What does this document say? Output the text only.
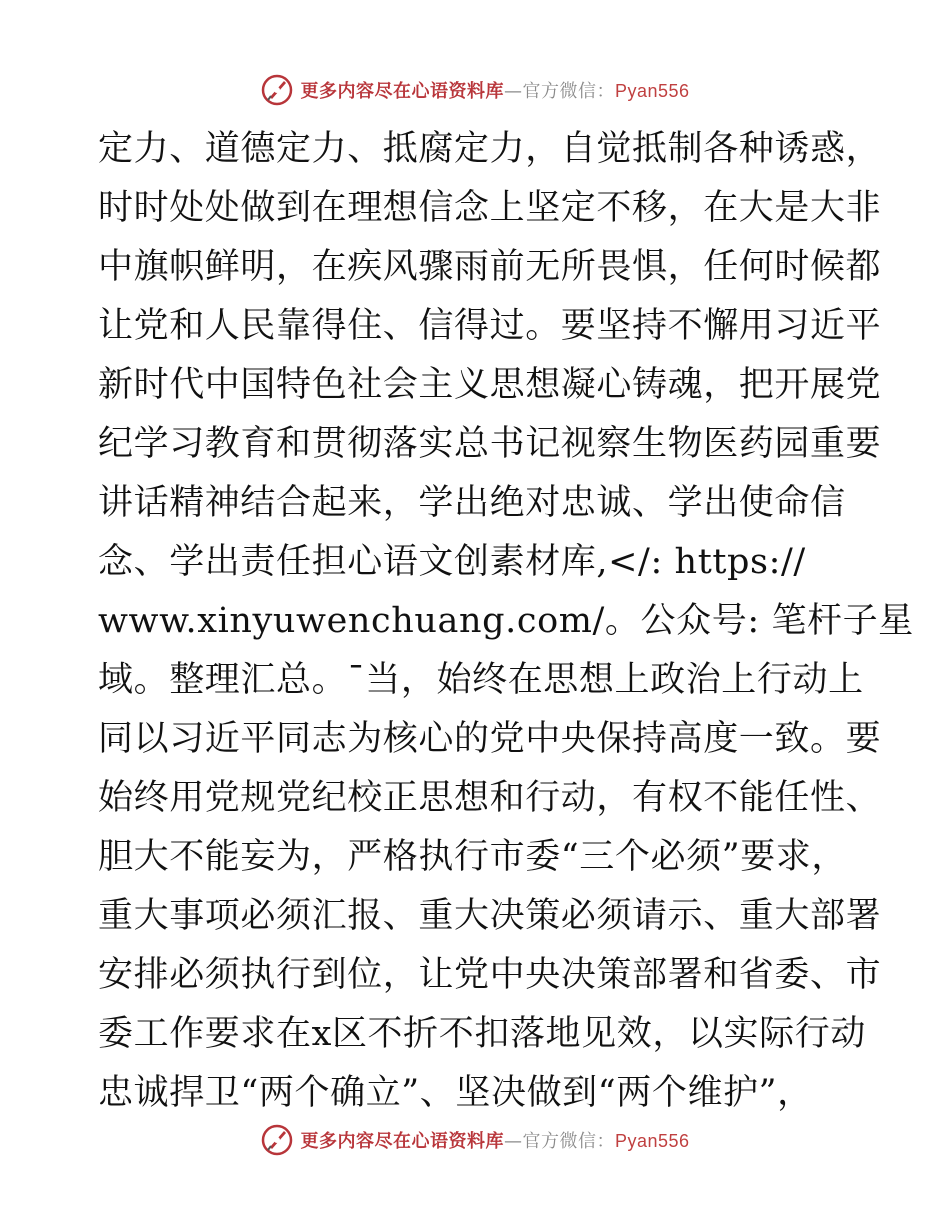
更多内容尽在心语资料库—官方微信：Pyan556
定力、道德定力、抵腐定力，自觉抵制各种诱惑，
时时处处做到在理想信念上坚定不移，在大是大非
中旗帜鲜明，在疾风骤雨前无所畏惧，任何时候都
让党和人民靠得住、信得过。要坚持不懈用习近平
新时代中国特色社会主义思想凝心铸魂，把开展党
纪学习教育和贯彻落实总书记视察生物医药园重要
讲话精神结合起来，学出绝对忠诚、学出使命信
念、学出责任担心语文创素材库,</: https://
www.xinyuwenchuang.com/。公众号: 笔杆子星
域。整理汇总。¯当，始终在思想上政治上行动上
同以习近平同志为核心的党中央保持高度一致。要
始终用党规党纪校正思想和行动，有权不能任性、
胆大不能妄为，严格执行市委“三个必须”要求，
重大事项必须汇报、重大决策必须请示、重大部署
安排必须执行到位，让党中央决策部署和省委、市
委工作要求在x区不折不扣落地见效，以实际行动
忠诚捍卫“两个确立”、坚决做到“两个维护”，
更多内容尽在心语资料库—官方微信：Pyan556
